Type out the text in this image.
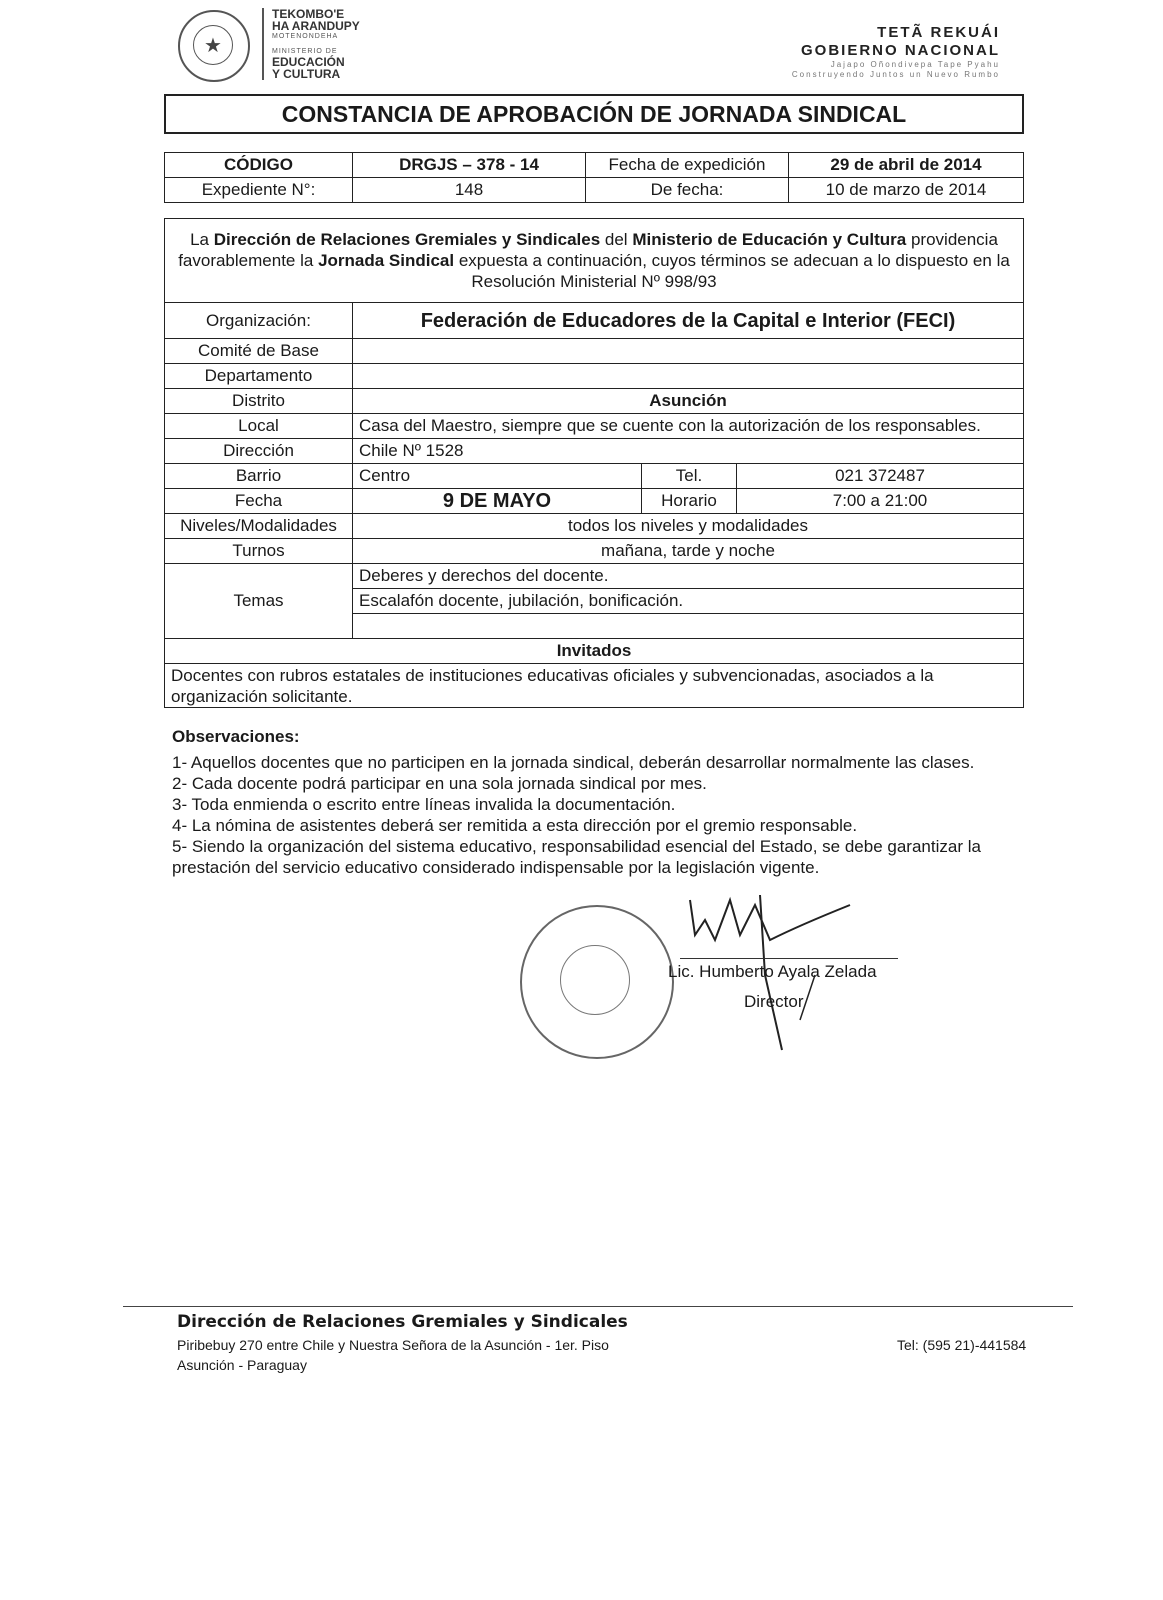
★
TEKOMBO'E
HA ARANDUPY
MOTENONDEHA
MINISTERIO DE
EDUCACIÓN
Y CULTURA
TETÃ REKUÁI
GOBIERNO NACIONAL
Jajapo Oñondivepa Tape Pyahu
Construyendo Juntos un Nuevo Rumbo
CONSTANCIA DE APROBACIÓN DE JORNADA SINDICAL
CÓDIGO	DRGJS – 378 - 14	Fecha de expedición	29 de abril de 2014
Expediente N°:	148	De fecha:	10 de marzo de 2014
La Dirección de Relaciones Gremiales y Sindicales del Ministerio de Educación y Cultura providencia favorablemente la Jornada Sindical expuesta a continuación, cuyos términos se adecuan a lo dispuesto en la Resolución Ministerial Nº 998/93			
Organización:	Federación de Educadores de la Capital e Interior (FECI)		
Comité de Base			
Departamento			
Distrito	Asunción		
Local	Casa del Maestro, siempre que se cuente con la autorización de los responsables.		
Dirección	Chile Nº 1528		
Barrio	Centro	Tel.	021 372487
Fecha	9 DE MAYO	Horario	7:00 a 21:00
Niveles/Modalidades	todos los niveles y modalidades		
Turnos	mañana, tarde y noche		
Temas	Deberes y derechos del docente.		
	Escalafón docente, jubilación, bonificación.		

Invitados			
Docentes con rubros estatales de instituciones educativas oficiales y subvencionadas, asociados a la organización solicitante.			
Observaciones:
1- Aquellos docentes que no participen en la jornada sindical, deberán desarrollar normalmente las clases.
2- Cada docente podrá participar en una sola jornada sindical por mes.
3- Toda enmienda o escrito entre líneas invalida la documentación.
4- La nómina de asistentes deberá ser remitida a esta dirección por el gremio responsable.
5- Siendo la organización del sistema educativo, responsabilidad esencial del Estado, se debe garantizar la prestación del servicio educativo considerado indispensable por la legislación vigente.
Lic. Humberto Ayala Zelada
Director
Dirección de Relaciones Gremiales y Sindicales
Piribebuy 270 entre Chile y Nuestra Señora de la Asunción - 1er. Piso
Asunción - Paraguay
Tel: (595 21)-441584
